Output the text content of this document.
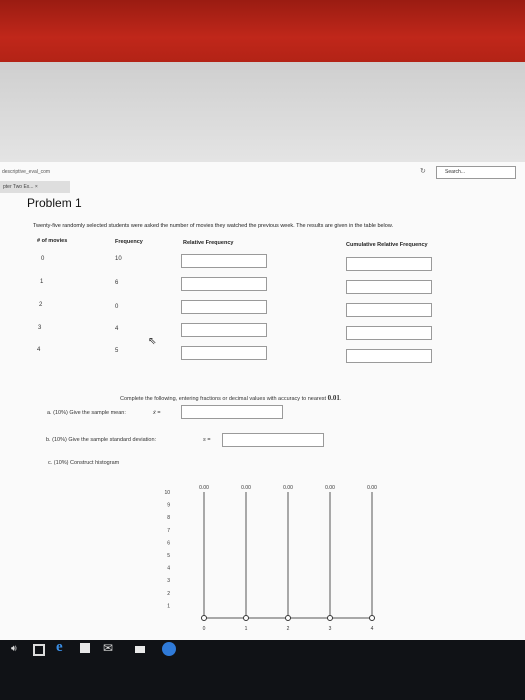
descriptive_eval_com	↻	Search...
pter Two Ex... ×
Problem 1
Twenty-five randomly selected students were asked the number of movies they watched the previous week. The results are given in the table below.
# of movies	Frequency	Relative Frequency	Cumulative Relative Frequency
0	10
1	6
2	0
3	4
4	5
⇖
Complete the following, entering fractions or decimal values with accuracy to nearest 0.01.
a. (10%) Give the sample mean:	x̄ =
b. (10%) Give the sample standard deviation:	s =
c. (10%) Construct histogram
10
9
8
7
6
5
4
3
2
1
0.00
0
0.00
1
0.00
2
0.00
3
0.00
4
🔊︎	e	✉
